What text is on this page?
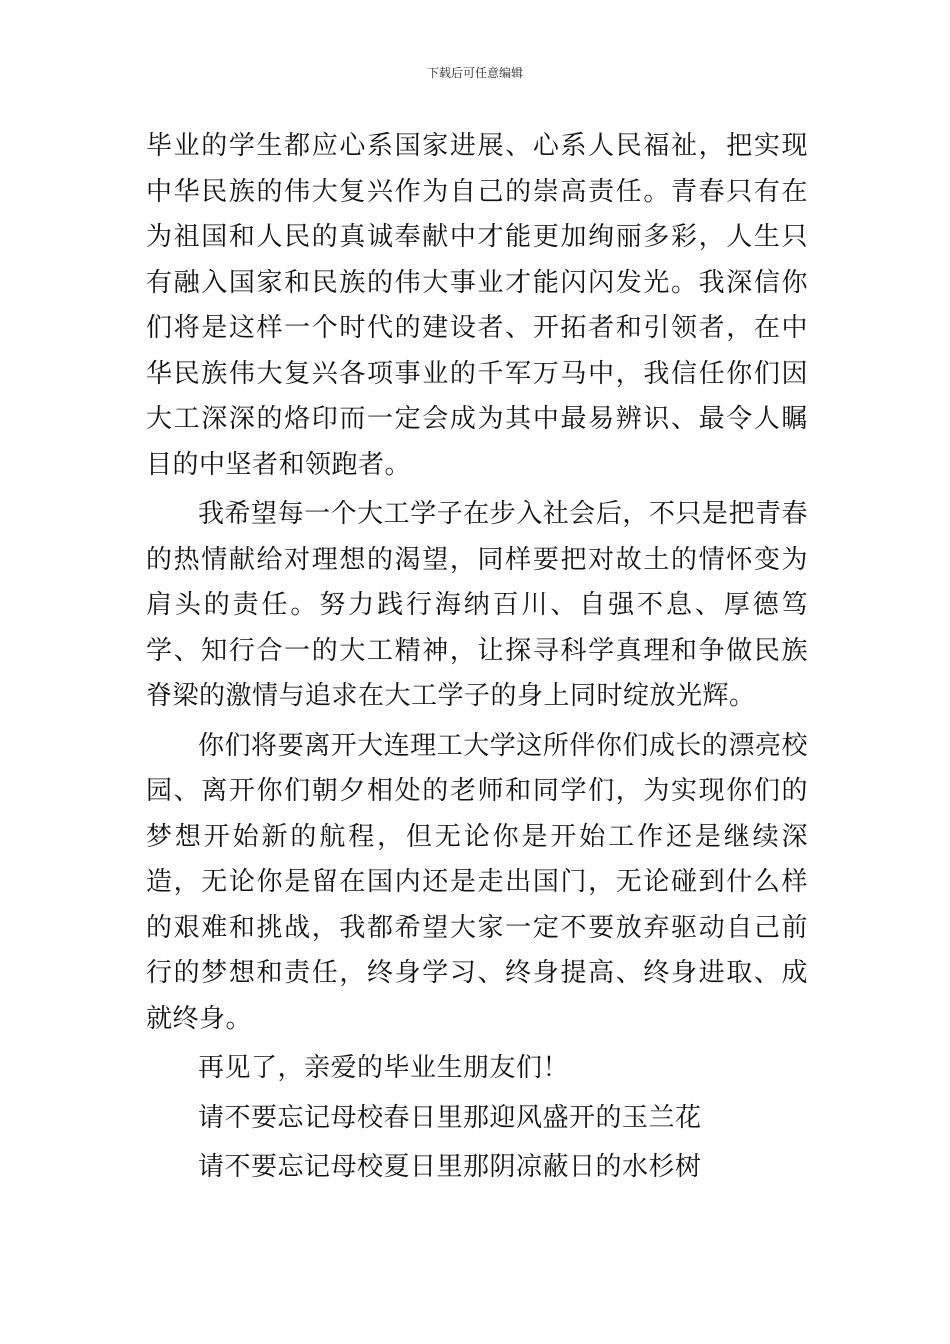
下载后可任意编辑

毕业的学生都应心系国家进展、心系人民福祉，把实现中华民族的伟大复兴作为自己的崇高责任。青春只有在为祖国和人民的真诚奉献中才能更加绚丽多彩，人生只有融入国家和民族的伟大事业才能闪闪发光。我深信你们将是这样一个时代的建设者、开拓者和引领者，在中华民族伟大复兴各项事业的千军万马中，我信任你们因大工深深的烙印而一定会成为其中最易辨识、最令人瞩目的中坚者和领跑者。

我希望每一个大工学子在步入社会后，不只是把青春的热情献给对理想的渴望，同样要把对故土的情怀变为肩头的责任。努力践行海纳百川、自强不息、厚德笃学、知行合一的大工精神，让探寻科学真理和争做民族脊梁的激情与追求在大工学子的身上同时绽放光辉。

你们将要离开大连理工大学这所伴你们成长的漂亮校园、离开你们朝夕相处的老师和同学们，为实现你们的梦想开始新的航程，但无论你是开始工作还是继续深造，无论你是留在国内还是走出国门，无论碰到什么样的艰难和挑战，我都希望大家一定不要放弃驱动自己前行的梦想和责任，终身学习、终身提高、终身进取、成就终身。

再见了，亲爱的毕业生朋友们！

请不要忘记母校春日里那迎风盛开的玉兰花

请不要忘记母校夏日里那阴凉蔽日的水杉树
